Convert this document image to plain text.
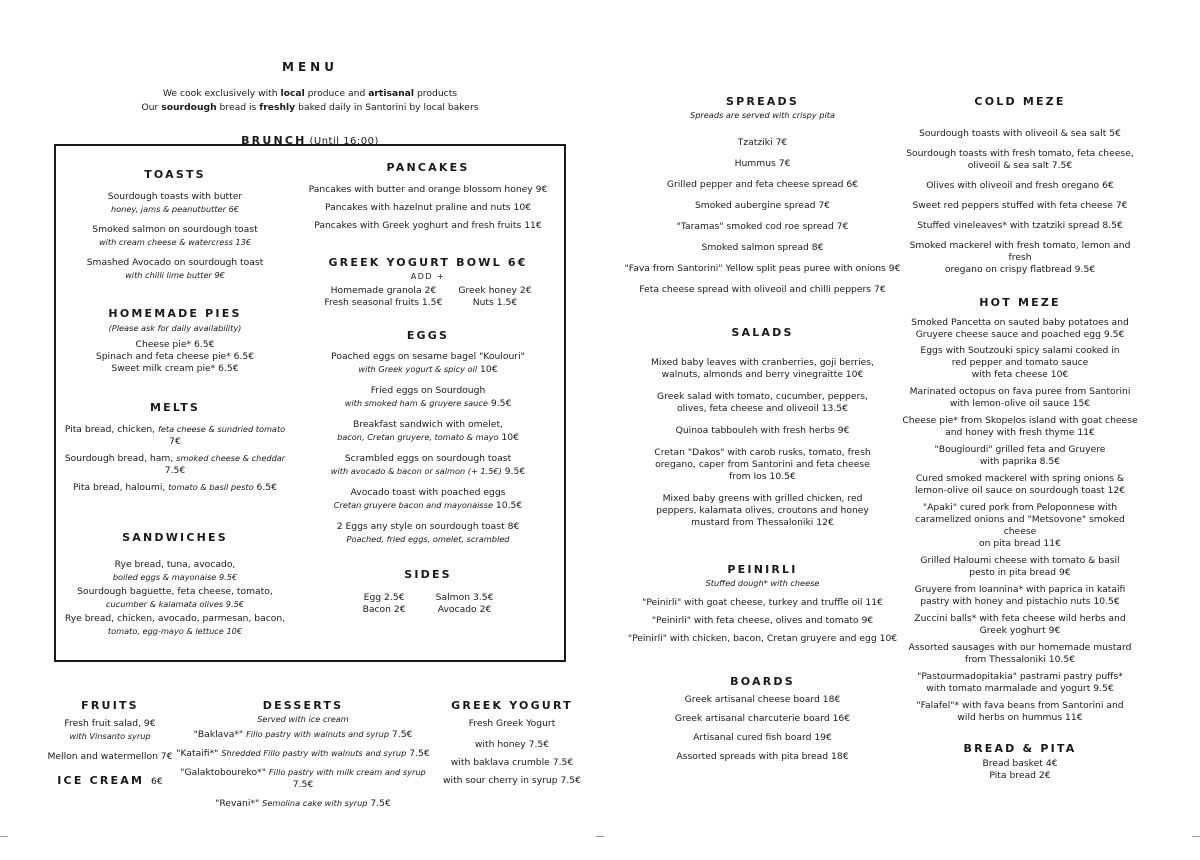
MENU
We cook exclusively with local produce and artisanal products
Our sourdough bread is freshly baked daily in Santorini by local bakers
BRUNCH (Until 16:00)
TOASTS
Sourdough toasts with butter
honey, jams & peanutbutter 6€
Smoked salmon on sourdough toast
with cream cheese & watercress 13€
Smashed Avocado on sourdough toast
with chilli lime butter 9€
HOMEMADE PIES
(Please ask for daily availability)
Cheese pie* 6.5€
Spinach and feta cheese pie* 6.5€
Sweet milk cream pie* 6.5€
MELTS
Pita bread, chicken, feta cheese & sundried tomato 7€
Sourdough bread, ham, smoked cheese & cheddar 7.5€
Pita bread, haloumi, tomato & basil pesto 6.5€
SANDWICHES
Rye bread, tuna, avocado,
boiled eggs & mayonaise 9.5€
Sourdough baguette, feta cheese, tomato,
cucumber & kalamata olives 9.5€
Rye bread, chicken, avocado, parmesan, bacon,
tomato, egg-mayo & lettuce 10€
PANCAKES
Pancakes with butter and orange blossom honey 9€
Pancakes with hazelnut praline and nuts 10€
Pancakes with Greek yoghurt and fresh fruits 11€
GREEK YOGURT BOWL 6€
ADD +
Homemade granola 2€
Fresh seasonal fruits 1.5€
Greek honey 2€
Nuts 1.5€
EGGS
Poached eggs on sesame bagel "Koulouri"
with Greek yogurt & spicy oil 10€
Fried eggs on Sourdough
with smoked ham & gruyere sauce 9.5€
Breakfast sandwich with omelet,
bacon, Cretan gruyere, tomato & mayo 10€
Scrambled eggs on sourdough toast
with avocado & bacon or salmon (+ 1.5€) 9.5€
Avocado toast with poached eggs
Cretan gruyere bacon and mayonaisse 10.5€
2 Eggs any style on sourdough toast 8€
Poached, fried eggs, omelet, scrambled
SIDES
Egg 2.5€
Bacon 2€
Salmon 3.5€
Avocado 2€
FRUITS
Fresh fruit salad, 9€
with Vinsanto syrup
Mellon and watermellon 7€
ICE CREAM 6€
DESSERTS
Served with ice cream
"Baklava*" Fillo pastry with walnuts and syrup 7.5€
"Kataifi*" Shredded Fillo pastry with walnuts and syrup 7.5€
"Galaktoboureko*" Fillo pastry with milk cream and syrup 7.5€
"Revani*" Semolina cake with syrup 7.5€
GREEK YOGURT
Fresh Greek Yogurt
with honey 7.5€
with baklava crumble 7.5€
with sour cherry in syrup 7.5€
SPREADS
Spreads are served with crispy pita
Tzatziki 7€
Hummus 7€
Grilled pepper and feta cheese spread 6€
Smoked aubergine spread 7€
"Taramas" smoked cod roe spread 7€
Smoked salmon spread 8€
"Fava from Santorini" Yellow split peas puree with onions 9€
Feta cheese spread with oliveoil and chilli peppers 7€
SALADS
Mixed baby leaves with cranberries, goji berries,
walnuts, almonds and berry vinegraitte 10€
Greek salad with tomato, cucumber, peppers,
olives, feta cheese and oliveoil 13.5€
Quinoa tabbouleh with fresh herbs 9€
Cretan "Dakos" with carob rusks, tomato, fresh
oregano, caper from Santorini and feta cheese
from Ios 10.5€
Mixed baby greens with grilled chicken, red
peppers, kalamata olives, croutons and honey
mustard from Thessaloniki 12€
PEINIRLI
Stuffed dough* with cheese
"Peinirli" with goat cheese, turkey and truffle oil 11€
"Peinirli" with feta cheese, olives and tomato 9€
"Peinirli" with chicken, bacon, Cretan gruyere and egg 10€
BOARDS
Greek artisanal cheese board 18€
Greek artisanal charcuterie board 16€
Artisanal cured fish board 19€
Assorted spreads with pita bread 18€
COLD MEZE
Sourdough toasts with oliveoil & sea salt 5€
Sourdough toasts with fresh tomato, feta cheese,
oliveoil & sea salt 7.5€
Olives with oliveoil and fresh oregano 6€
Sweet red peppers stuffed with feta cheese 7€
Stuffed vineleaves* with tzatziki spread 8.5€
Smoked mackerel with fresh tomato, lemon and fresh
oregano on crispy flatbread 9.5€
HOT MEZE
Smoked Pancetta on sauted baby potatoes and
Gruyere cheese sauce and poached egg 9.5€
Eggs with Soutzouki spicy salami cooked in
red pepper and tomato sauce
with feta cheese 10€
Marinated octopus on fava puree from Santorini
with lemon-olive oil sauce 15€
Cheese pie* from Skopelos island with goat cheese
and honey with fresh thyme 11€
"Bougiourdi" grilled feta and Gruyere
with paprika 8.5€
Cured smoked mackerel with spring onions &
lemon-olive oil sauce on sourdough toast 12€
"Apaki" cured pork from Peloponnese with
caramelized onions and "Metsovone" smoked cheese
on pita bread 11€
Grilled Haloumi cheese with tomato & basil
pesto in pita bread 9€
Gruyere from Ioannina* with paprica in kataifi
pastry with honey and pistachio nuts 10.5€
Zuccini balls* with feta cheese wild herbs and
Greek yoghurt 9€
Assorted sausages with our homemade mustard
from Thessaloniki 10.5€
"Pastourmadopitakia" pastrami pastry puffs*
with tomato marmalade and yogurt 9.5€
"Falafel"* with fava beans from Santorini and
wild herbs on hummus 11€
BREAD & PITA
Bread basket 4€
Pita bread 2€
